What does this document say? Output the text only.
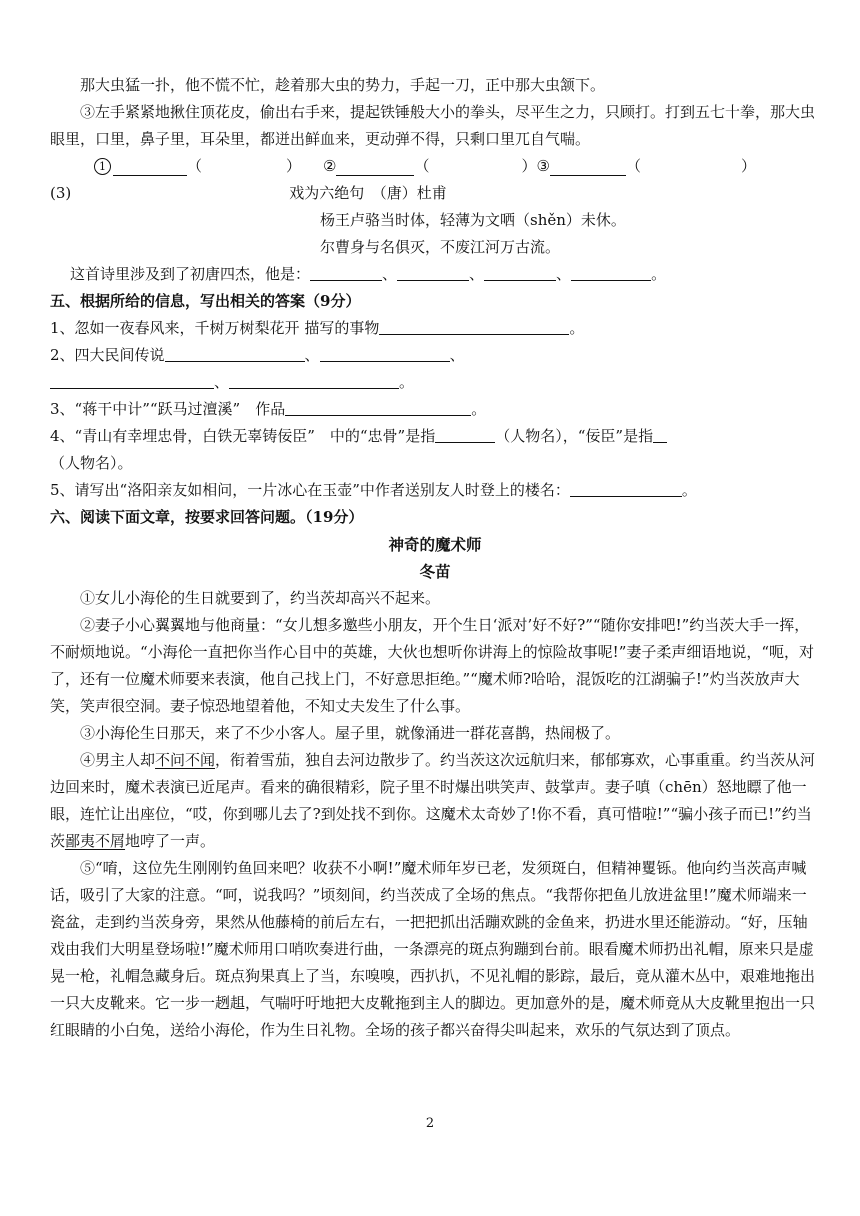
那大虫猛一扑，他不慌不忙，趁着那大虫的势力，手起一刀，正中那大虫颔下。

③左手紧紧地揪住顶花皮，偷出右手来，提起铁锤般大小的拳头，尽平生之力，只顾打。打到五七十拳，那大虫眼里，口里，鼻子里，耳朵里，都迸出鲜血来，更动弹不得，只剩口里兀自气喘。

1	（	） ②	（	） ③	（	）

(3)	戏为六绝句　（唐）杜甫

杨王卢骆当时体，轻薄为文哂（shěn）未休。

尔曹身与名俱灭，不废江河万古流。

这首诗里涉及到了初唐四杰，他是：	、	、	、	。

五、根据所给的信息，写出相关的答案（9分）

1、忽如一夜春风来，千树万树梨花开 描写的事物	。

2、四大民间传说	、	、

、	。

3、“蒋干中计”“跃马过澶溪”　作品	。

4、“青山有幸埋忠骨，白铁无辜铸佞臣”　中的“忠骨”是指	（人物名），“佞臣”是指

（人物名）。

5、请写出“洛阳亲友如相问，一片冰心在玉壶”中作者送别友人时登上的楼名：	。

六、阅读下面文章，按要求回答问题。（19分）

神奇的魔术师

冬苗

①女儿小海伦的生日就要到了，约当茨却高兴不起来。

②妻子小心翼翼地与他商量：“女儿想多邀些小朋友，开个生日‘派对’好不好?”“随你安排吧!”约当茨大手一挥，不耐烦地说。“小海伦一直把你当作心目中的英雄，大伙也想听你讲海上的惊险故事呢!”妻子柔声细语地说，“呃，对了，还有一位魔术师要来表演，他自己找上门，不好意思拒绝。”“魔术师?哈哈，混饭吃的江湖骗子!”灼当茨放声大笑，笑声很空洞。妻子惊恐地望着他，不知丈夫发生了什么事。

③小海伦生日那天，来了不少小客人。屋子里，就像涌进一群花喜鹊，热闹极了。

④男主人却不问不闻，衔着雪茄，独自去河边散步了。约当茨这次远航归来，郁郁寡欢，心事重重。约当茨从河边回来时，魔术表演已近尾声。看来的确很精彩，院子里不时爆出哄笑声、鼓掌声。妻子嗔（chēn）怒地瞟了他一眼，连忙让出座位，“哎，你到哪儿去了?到处找不到你。这魔术太奇妙了!你不看，真可惜啦!”“骗小孩子而已!”约当茨鄙夷不屑地哼了一声。

⑤“唷，这位先生刚刚钓鱼回来吧？收获不小啊!”魔术师年岁已老，发须斑白，但精神矍铄。他向约当茨高声喊话，吸引了大家的注意。“呵，说我吗？”顷刻间，约当茨成了全场的焦点。“我帮你把鱼儿放进盆里!”魔术师端来一瓷盆，走到约当茨身旁，果然从他藤椅的前后左右，一把把抓出活蹦欢跳的金鱼来，扔进水里还能游动。“好，压轴戏由我们大明星登场啦!”魔术师用口哨吹奏进行曲，一条漂亮的斑点狗蹦到台前。眼看魔术师扔出礼帽，原来只是虚晃一枪，礼帽急藏身后。斑点狗果真上了当，东嗅嗅，西扒扒，不见礼帽的影踪，最后，竟从灌木丛中，艰难地拖出一只大皮靴来。它一步一趔趄，气喘吁吁地把大皮靴拖到主人的脚边。更加意外的是，魔术师竟从大皮靴里抱出一只红眼睛的小白兔，送给小海伦，作为生日礼物。全场的孩子都兴奋得尖叫起来，欢乐的气氛达到了顶点。

2
